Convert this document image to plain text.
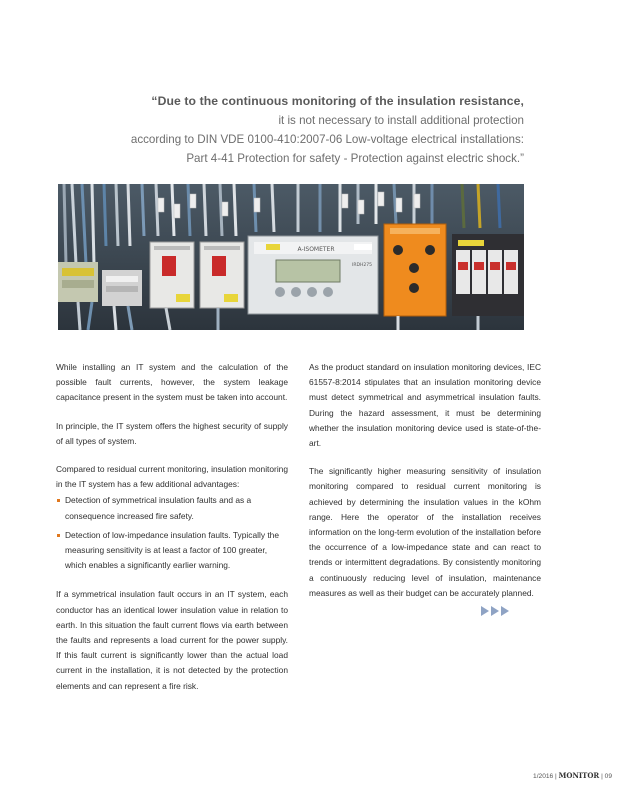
“Due to the continuous monitoring of the insulation resistance,
it is not necessary to install additional protection
according to DIN VDE 0100-410:2007-06 Low-voltage electrical installations:
Part 4-41 Protection for safety - Protection against electric shock.”
A-ISOMETER
IRDH275

While installing an IT system and the calculation of the possible fault currents, however, the system leakage capacitance present in the system must be taken into account.

In principle, the IT system offers the highest security of supply of all types of system.

Compared to residual current monitoring, insulation monitoring in the IT system has a few additional advantages:

Detection of symmetrical insulation faults and as a consequence increased fire safety.
Detection of low-impedance insulation faults. Typically the measuring sensitivity is at least a factor of 100 greater, which enables a significantly earlier warning.

If a symmetrical insulation fault occurs in an IT system, each conductor has an identical lower insulation value in relation to earth. In this situation the fault current flows via earth between the faults and represents a load current for the power supply. If this fault current is significantly lower than the actual load current in the installation, it is not detected by the protection elements and can represent a fire risk.

As the product standard on insulation monitoring devices, IEC 61557-8:2014 stipulates that an insulation monitoring device must detect symmetrical and asymmetrical insulation faults. During the hazard assessment, it must be determining whether the insulation monitoring device used is state-of-the-art.

The significantly higher measuring sensitivity of insulation monitoring compared to residual current monitoring is achieved by determining the insulation values in the kOhm range. Here the operator of the installation receives information on the long-term evolution of the installation before the occurrence of a low-impedance state and can react to trends or intermittent degradations. By consistently monitoring a continuously reducing level of insulation, maintenance measures as well as their budget can be accurately planned.

1/2016 | MONITOR | 09
